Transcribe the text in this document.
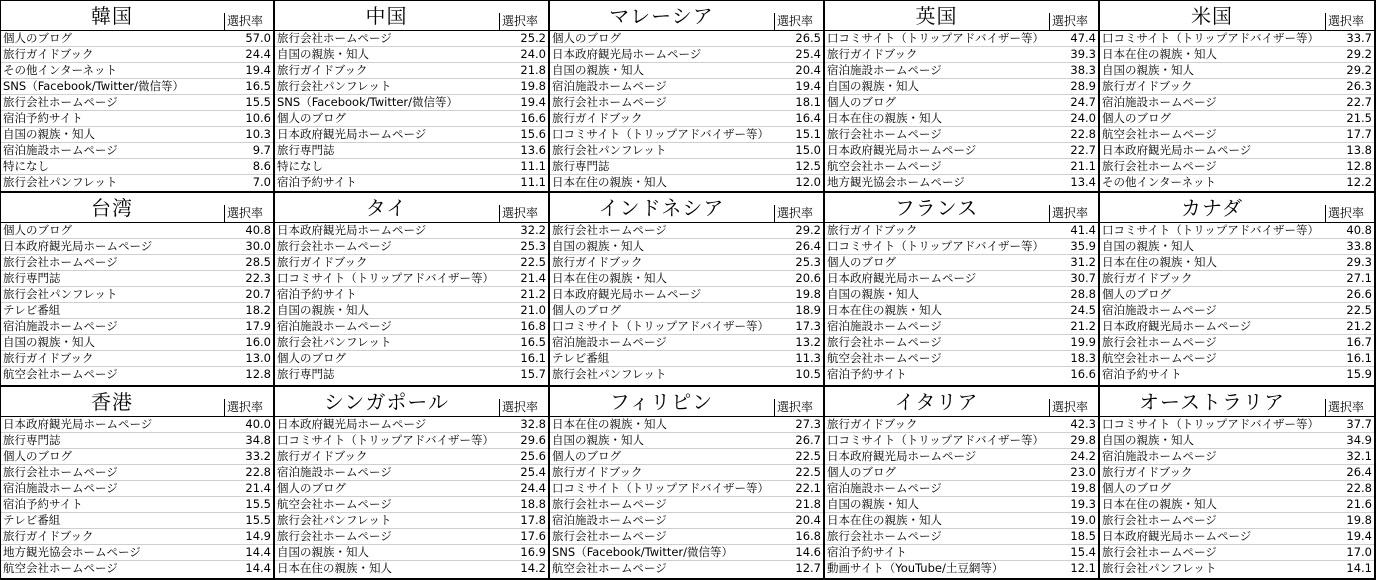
韓国	選択率
個人のブログ	57.0
旅行ガイドブック	24.4
その他インターネット	19.4
SNS（Facebook/Twitter/微信等）	16.5
旅行会社ホームページ	15.5
宿泊予約サイト	10.6
自国の親族・知人	10.3
宿泊施設ホームページ	9.7
特になし	8.6
旅行会社パンフレット	7.0
中国	選択率
旅行会社ホームページ	25.2
自国の親族・知人	24.0
旅行ガイドブック	21.8
旅行会社パンフレット	19.8
SNS（Facebook/Twitter/微信等）	19.4
個人のブログ	16.6
日本政府観光局ホームページ	15.6
旅行専門誌	13.6
特になし	11.1
宿泊予約サイト	11.1
マレーシア	選択率
個人のブログ	26.5
日本政府観光局ホームページ	25.4
自国の親族・知人	20.4
宿泊施設ホームページ	19.4
旅行会社ホームページ	18.1
旅行ガイドブック	16.4
口コミサイト（トリップアドバイザー等） 15.1
旅行会社パンフレット	15.0
旅行専門誌	12.5
日本在住の親族・知人	12.0
英国	選択率
口コミサイト（トリップアドバイザー等） 47.4
旅行ガイドブック	39.3
宿泊施設ホームページ	38.3
自国の親族・知人	28.9
個人のブログ	24.7
日本在住の親族・知人	24.0
旅行会社ホームページ	22.8
日本政府観光局ホームページ	22.7
航空会社ホームページ	21.1
地方観光協会ホームページ	13.4
米国	選択率
口コミサイト（トリップアドバイザー等） 33.7
日本在住の親族・知人	29.2
自国の親族・知人	29.2
旅行ガイドブック	26.3
宿泊施設ホームページ	22.7
個人のブログ	21.5
航空会社ホームページ	17.7
日本政府観光局ホームページ	13.8
旅行会社ホームページ	12.8
その他インターネット	12.2
台湾	選択率
個人のブログ	40.8
日本政府観光局ホームページ	30.0
旅行会社ホームページ	28.5
旅行専門誌	22.3
旅行会社パンフレット	20.7
テレビ番組	18.2
宿泊施設ホームページ	17.9
自国の親族・知人	16.0
旅行ガイドブック	13.0
航空会社ホームページ	12.8
タイ	選択率
日本政府観光局ホームページ	32.2
旅行会社ホームページ	25.3
旅行ガイドブック	22.5
口コミサイト（トリップアドバイザー等） 21.4
宿泊予約サイト	21.2
自国の親族・知人	21.0
宿泊施設ホームページ	16.8
旅行会社パンフレット	16.5
個人のブログ	16.1
旅行専門誌	15.7
インドネシア	選択率
旅行会社ホームページ	29.2
自国の親族・知人	26.4
旅行ガイドブック	25.3
日本在住の親族・知人	20.6
日本政府観光局ホームページ	19.8
個人のブログ	18.9
口コミサイト（トリップアドバイザー等） 17.3
宿泊施設ホームページ	13.2
テレビ番組	11.3
旅行会社パンフレット	10.5
フランス	選択率
旅行ガイドブック	41.4
口コミサイト（トリップアドバイザー等） 35.9
個人のブログ	31.2
日本政府観光局ホームページ	30.7
自国の親族・知人	28.8
日本在住の親族・知人	24.5
宿泊施設ホームページ	21.2
旅行会社ホームページ	19.9
航空会社ホームページ	18.3
宿泊予約サイト	16.6
カナダ	選択率
口コミサイト（トリップアドバイザー等） 40.8
自国の親族・知人	33.8
日本在住の親族・知人	29.3
旅行ガイドブック	27.1
個人のブログ	26.6
宿泊施設ホームページ	22.5
日本政府観光局ホームページ	21.2
旅行会社ホームページ	16.7
航空会社ホームページ	16.1
宿泊予約サイト	15.9
香港	選択率
日本政府観光局ホームページ	40.0
旅行専門誌	34.8
個人のブログ	33.2
旅行会社ホームページ	22.8
宿泊施設ホームページ	21.4
宿泊予約サイト	15.5
テレビ番組	15.5
旅行ガイドブック	14.9
地方観光協会ホームページ	14.4
航空会社ホームページ	14.4
シンガポール	選択率
日本政府観光局ホームページ	32.8
口コミサイト（トリップアドバイザー等） 29.6
旅行ガイドブック	25.6
宿泊施設ホームページ	25.4
個人のブログ	24.4
航空会社ホームページ	18.8
旅行会社パンフレット	17.8
旅行会社ホームページ	17.6
自国の親族・知人	16.9
日本在住の親族・知人	14.2
フィリピン	選択率
日本在住の親族・知人	27.3
自国の親族・知人	26.7
個人のブログ	22.5
旅行ガイドブック	22.5
口コミサイト（トリップアドバイザー等） 22.1
旅行会社ホームページ	21.8
宿泊施設ホームページ	20.4
旅行会社ホームページ	16.8
SNS（Facebook/Twitter/微信等）	14.6
航空会社ホームページ	12.7
イタリア	選択率
旅行ガイドブック	42.3
口コミサイト（トリップアドバイザー等） 29.8
日本政府観光局ホームページ	24.2
個人のブログ	23.0
宿泊施設ホームページ	19.8
自国の親族・知人	19.3
日本在住の親族・知人	19.0
旅行会社ホームページ	18.5
宿泊予約サイト	15.4
動画サイト（YouTube/土豆網等）	12.1
オーストラリア	選択率
口コミサイト（トリップアドバイザー等） 37.7
自国の親族・知人	34.9
宿泊施設ホームページ	32.1
旅行ガイドブック	26.4
個人のブログ	22.8
日本在住の親族・知人	21.6
旅行会社ホームページ	19.8
日本政府観光局ホームページ	19.4
旅行会社ホームページ	17.0
旅行会社パンフレット	14.1
